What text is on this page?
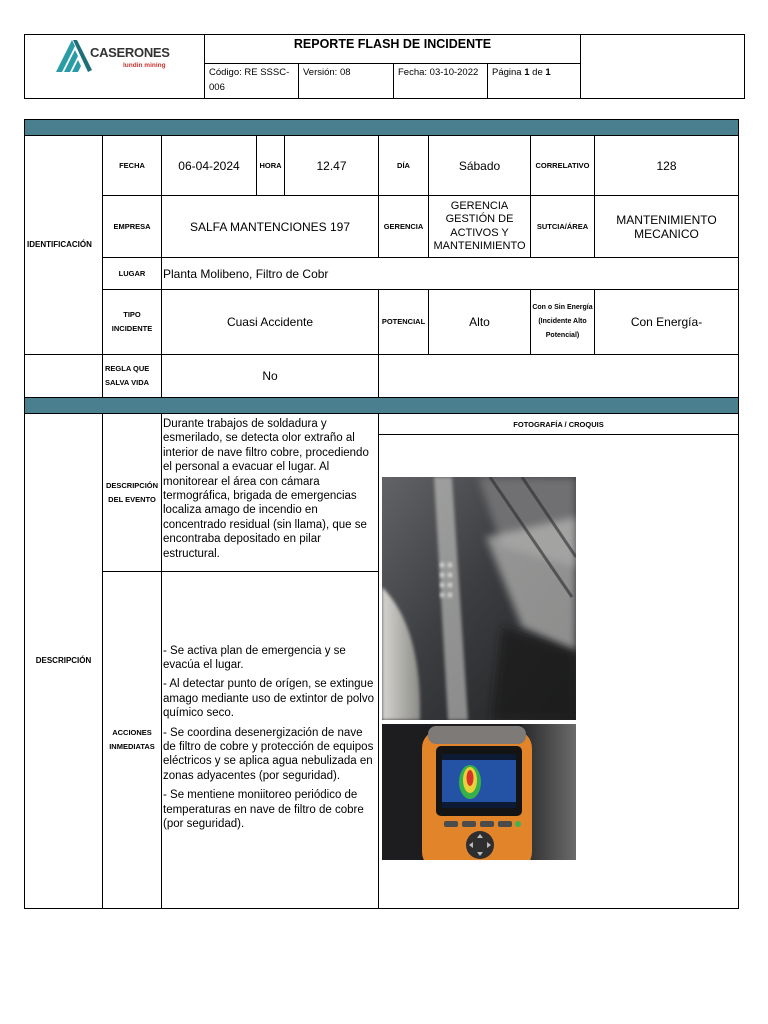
CASERONES
lundin mining	REPORTE FLASH DE INCIDENTE				
	Código: RE SSSC-006	Versión: 08	Fecha: 03-10-2022	Página 1 de 1	

IDENTIFICACIÓN	FECHA	06-04-2024	HORA	12.47	DÍA	Sábado	CORRELATIVO	128
	EMPRESA	SALFA MANTENCIONES 197			GERENCIA	GERENCIA GESTIÓN DE ACTIVOS Y MANTENIMIENTO	SUTCIA/ÁREA	MANTENIMIENTO MECANICO
	LUGAR	Planta Molibeno, Filtro de Cobr						
	TIPO INCIDENTE	Cuasi Accidente			POTENCIAL	Alto	Con o Sin Energía (Incidente Alto Potencial)	Con Energía-
	REGLA QUE SALVA VIDA	No						

DESCRIPCIÓN	DESCRIPCIÓN DEL EVENTO	Durante trabajos de soldadura y esmerilado, se detecta olor extraño al interior de nave filtro cobre, procediendo el personal a evacuar el lugar. Al monitorear el área con cámara termográfica, brigada de emergencias localiza amago de incendio en concentrado residual (sin llama), que se encontraba depositado en pilar estructural.			FOTOGRAFÍA / CROQUIS			

	ACCIONES INMEDIATAS	- Se activa plan de emergencia y se evacúa el lugar.

- Al detectar punto de orígen, se extingue amago mediante uso de extintor de polvo químico seco.

- Se coordina desenergización de nave de filtro de cobre y protección de equipos eléctricos y se aplica agua nebulizada en zonas adyacentes (por seguridad).

- Se mentiene moniitoreo periódico de temperaturas en nave de filtro de cobre (por seguridad).						
